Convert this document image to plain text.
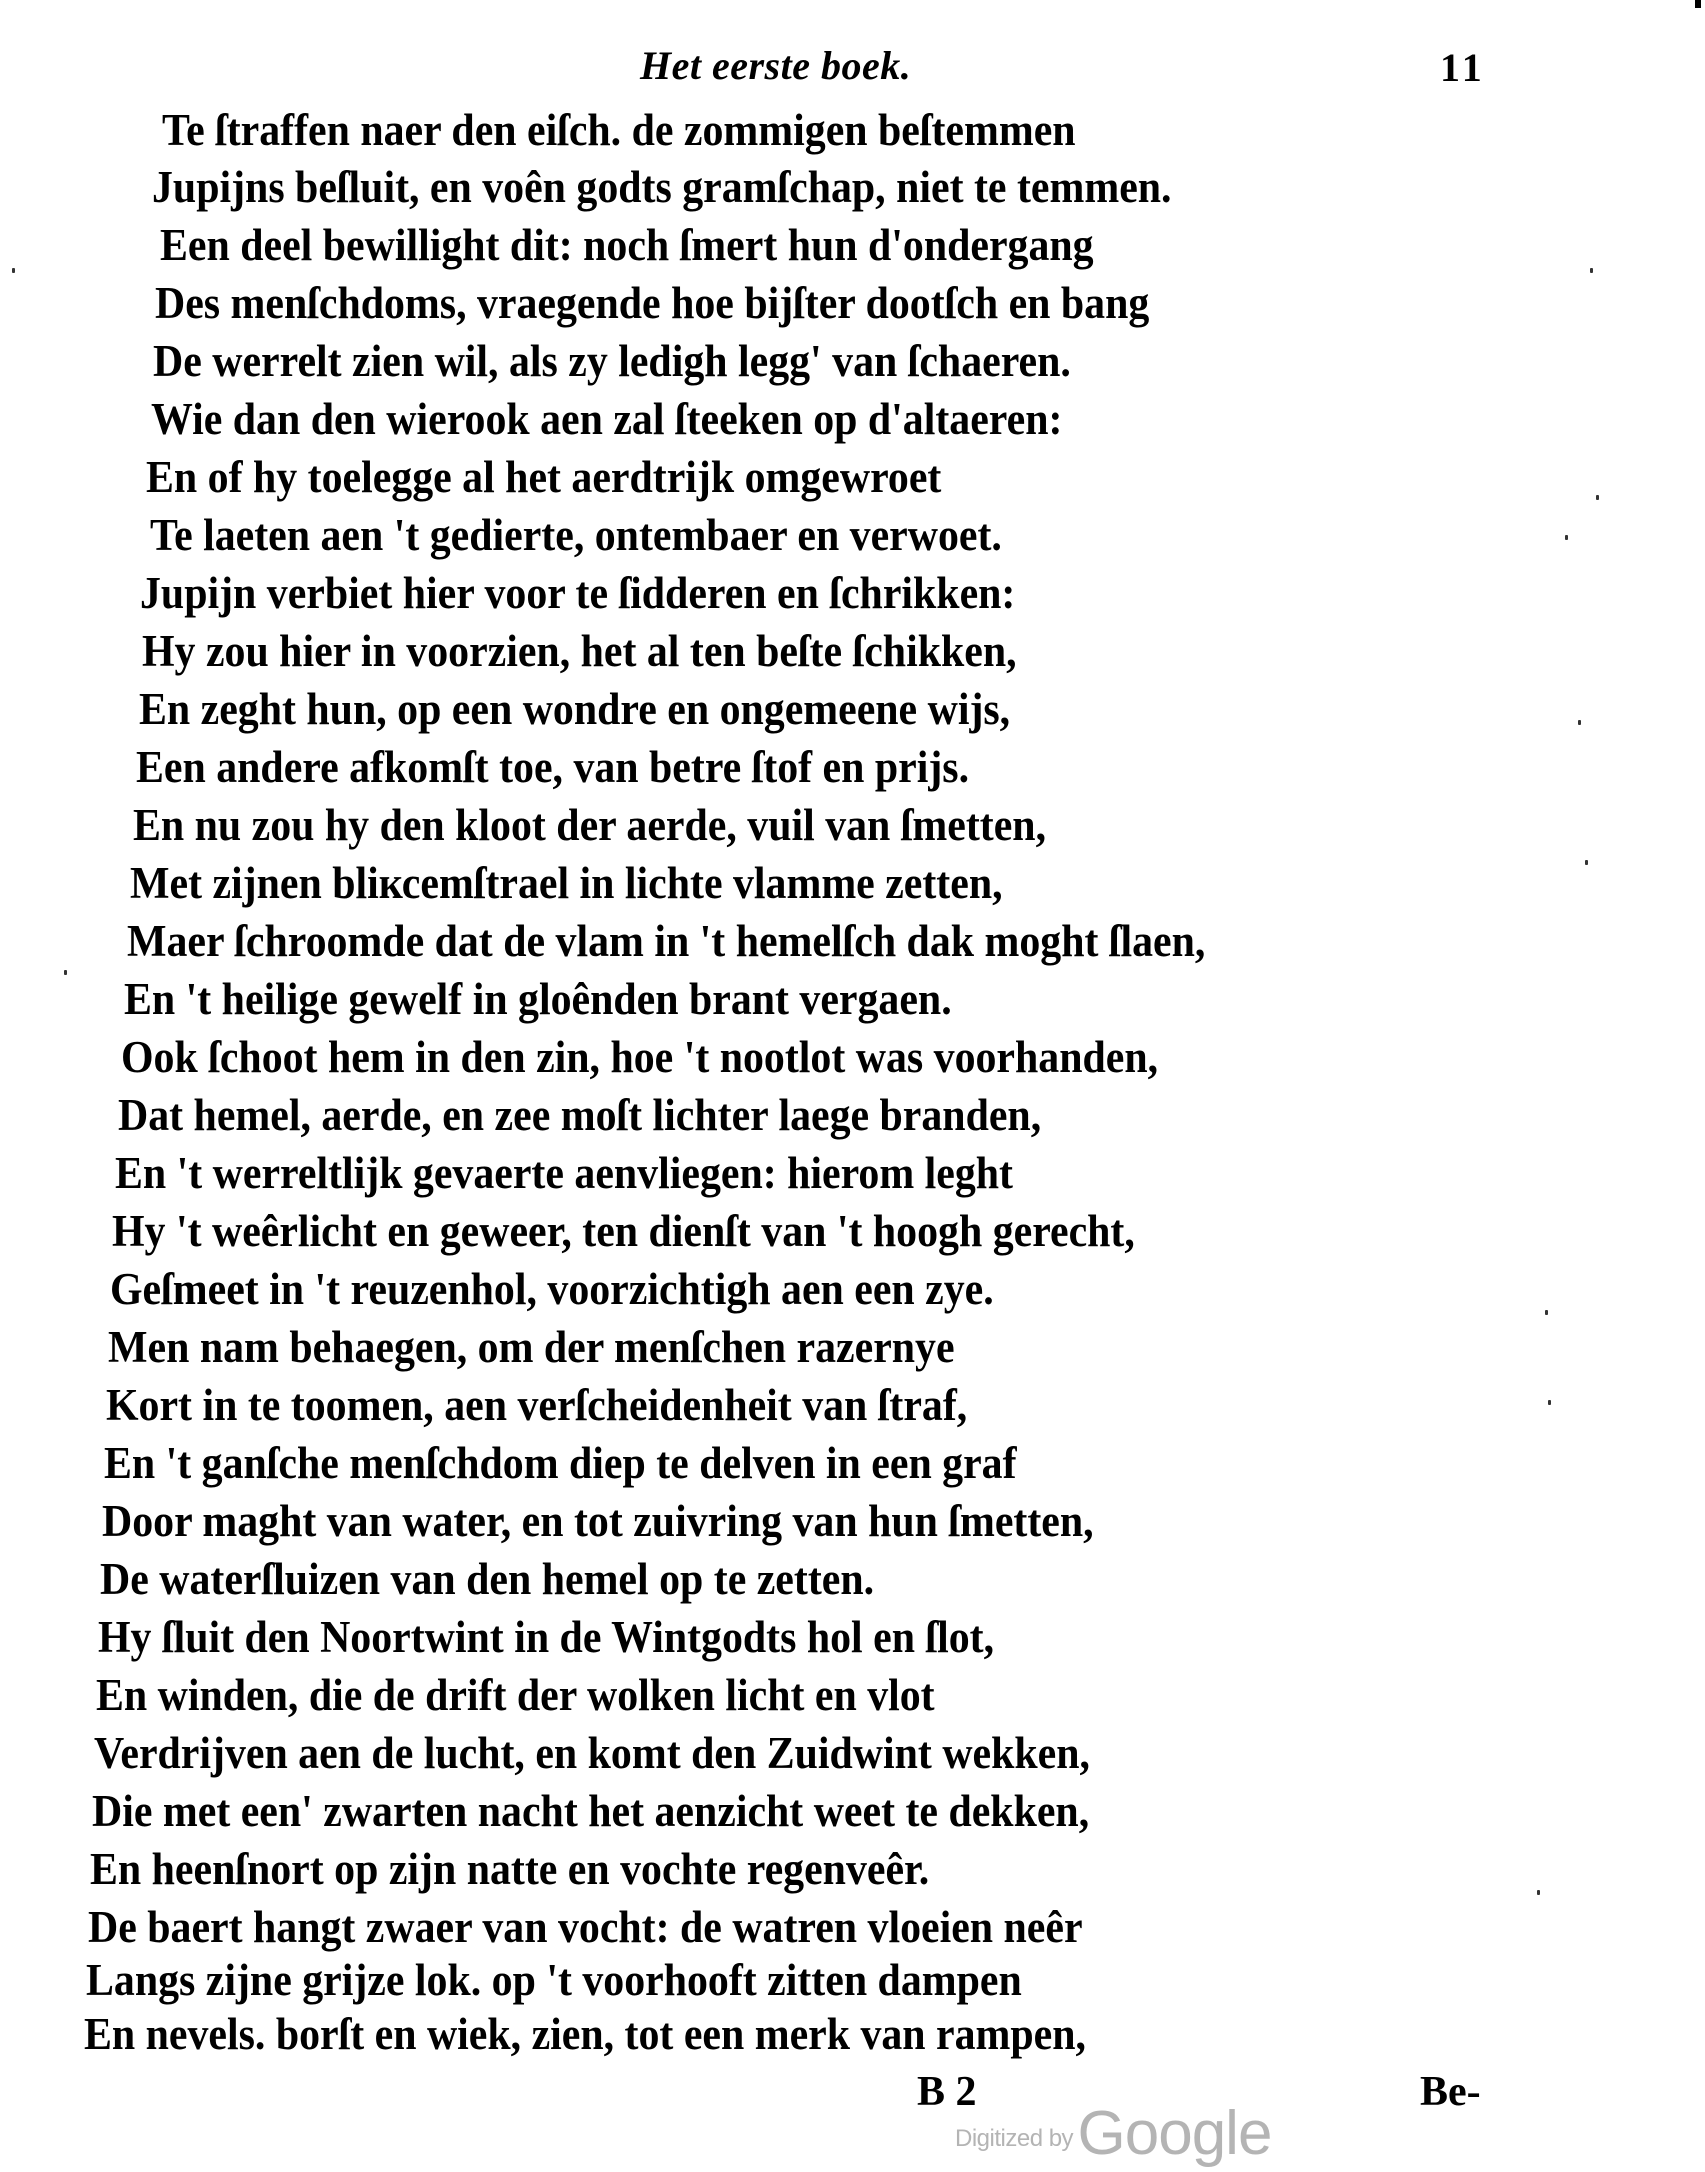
Het eerste boek.	11
Te ſtraffen naer den eiſch. de zommigen beſtemmen
Jupijns beſluit, en voên godts gramſchap, niet te temmen.
Een deel bewillight dit: noch ſmert hun d'ondergang
Des menſchdoms, vraegende hoe bijſter dootſch en bang
De werrelt zien wil, als zy ledigh legg' van ſchaeren.
Wie dan den wierook aen zal ſteeken op d'altaeren:
En of hy toelegge al het aerdtrijk omgewroet
Te laeten aen 't gedierte, ontembaer en verwoet.
Jupijn verbiet hier voor te ſidderen en ſchrikken:
Hy zou hier in voorzien, het al ten beſte ſchikken,
En zeght hun, op een wondre en ongemeene wijs,
Een andere afkomſt toe, van betre ſtof en prijs.
En nu zou hy den kloot der aerde, vuil van ſmetten,
Met zijnen bliксemſtrael in lichte vlamme zetten,
Maer ſchroomde dat de vlam in 't hemelſch dak moght ſlaen,
En 't heilige gewelf in gloênden brant vergaen.
Ook ſchoot hem in den zin, hoe 't nootlot was voorhanden,
Dat hemel, aerde, en zee moſt lichter laege branden,
En 't werreltlijk gevaerte aenvliegen: hierom leght
Hy 't weêrlicht en geweer, ten dienſt van 't hoogh gerecht,
Geſmeet in 't reuzenhol, voorzichtigh aen een zye.
Men nam behaegen, om der menſchen razernye
Kort in te toomen, aen verſcheidenheit van ſtraf,
En 't ganſche menſchdom diep te delven in een graf
Door maght van water, en tot zuivring van hun ſmetten,
De waterſluizen van den hemel op te zetten.
Hy ſluit den Noortwint in de Wintgodts hol en ſlot,
En winden, die de drift der wolken licht en vlot
Verdrijven aen de lucht, en komt den Zuidwint wekken,
Die met een' zwarten nacht het aenzicht weet te dekken,
En heenſnort op zijn natte en vochte regenveêr.
De baert hangt zwaer van vocht: de watren vloeien neêr
Langs zijne grijze lok. op 't voorhooft zitten dampen
En nevels. borſt en wiek, zien, tot een merk van rampen,
B 2	Be-
Digitized by Google
